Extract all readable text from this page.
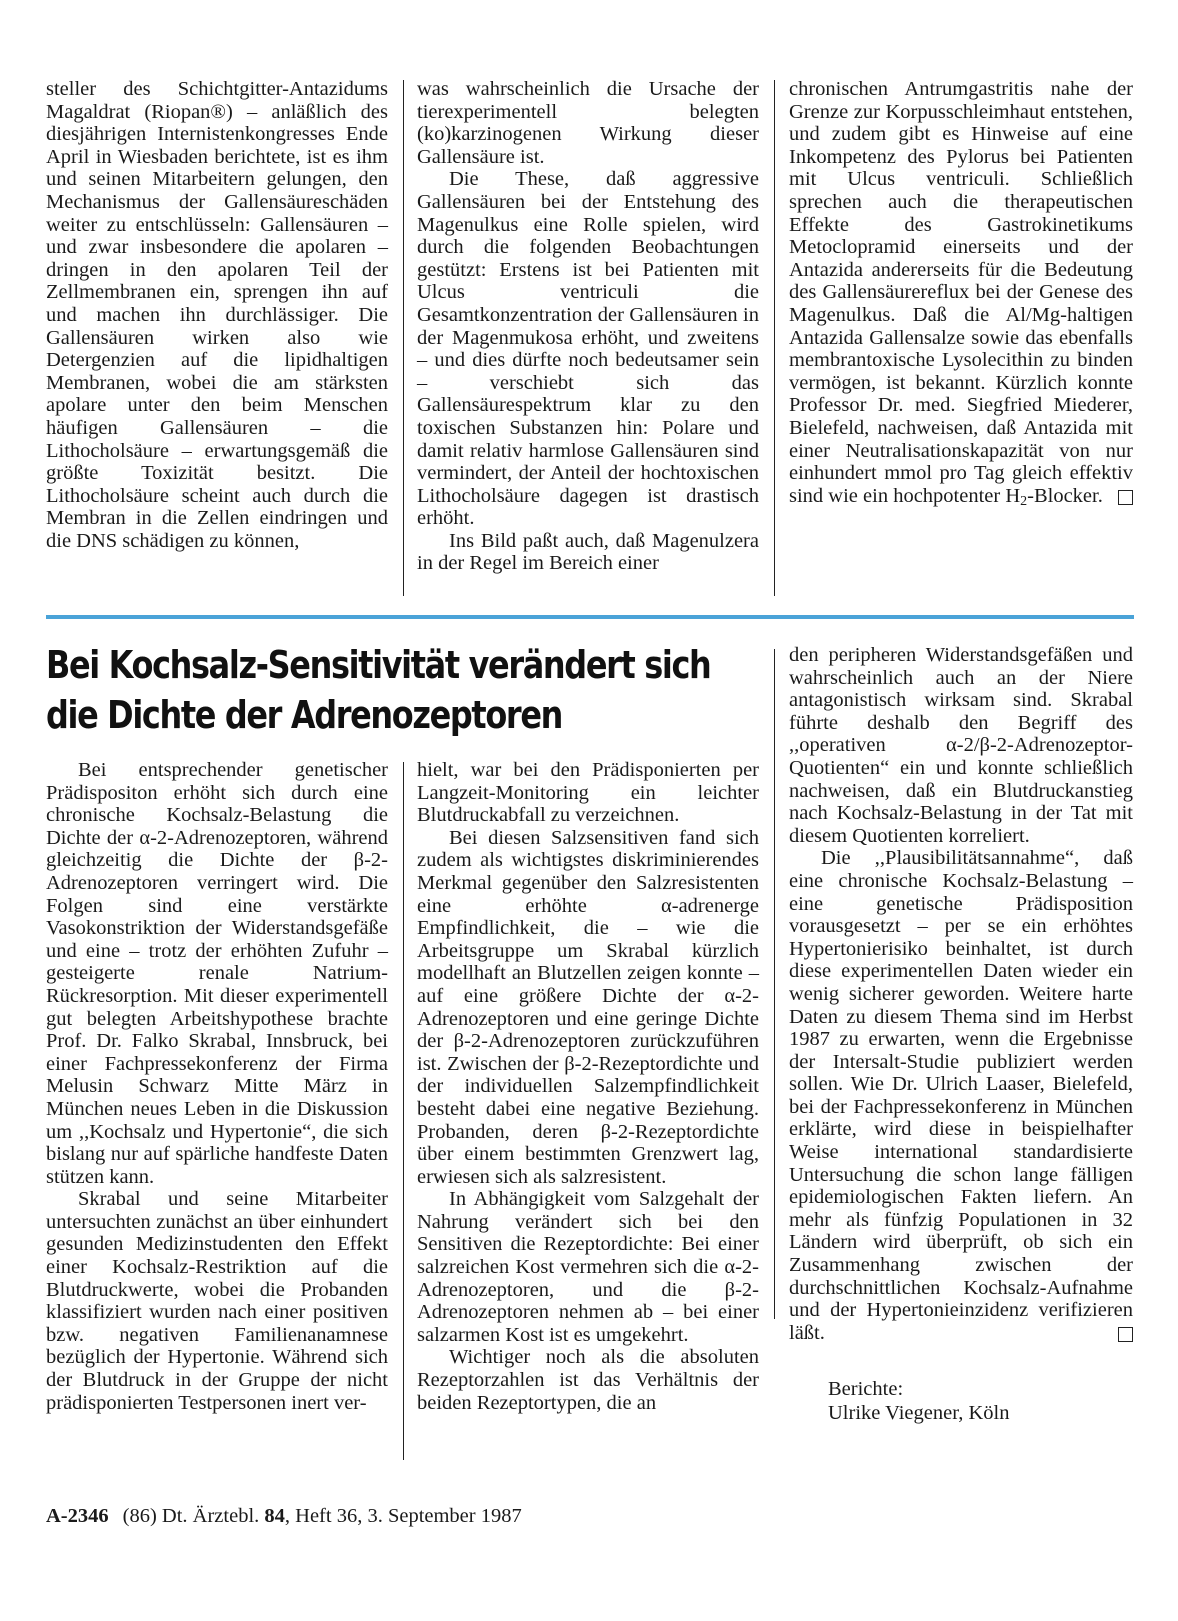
steller des Schichtgitter-Antazidums Magaldrat (Riopan®) – anläßlich des diesjährigen Internistenkongresses Ende April in Wiesbaden berichtete, ist es ihm und seinen Mitarbeitern gelungen, den Mechanismus der Gallensäureschäden weiter zu entschlüsseln: Gallensäuren – und zwar insbesondere die apolaren – dringen in den apolaren Teil der Zellmembranen ein, sprengen ihn auf und machen ihn durchlässiger. Die Gallensäuren wirken also wie Detergenzien auf die lipidhaltigen Membranen, wobei die am stärksten apolare unter den beim Menschen häufigen Gallensäuren – die Lithocholsäure – erwartungsgemäß die größte Toxizität besitzt. Die Lithocholsäure scheint auch durch die Membran in die Zellen eindringen und die DNS schädigen zu können,

was wahrscheinlich die Ursache der tierexperimentell belegten (ko)karzinogenen Wirkung dieser Gallensäure ist.

Die These, daß aggressive Gallensäuren bei der Entstehung des Magenulkus eine Rolle spielen, wird durch die folgenden Beobachtungen gestützt: Erstens ist bei Patienten mit Ulcus ventriculi die Gesamtkonzentration der Gallensäuren in der Magenmukosa erhöht, und zweitens – und dies dürfte noch bedeutsamer sein – verschiebt sich das Gallensäurespektrum klar zu den toxischen Substanzen hin: Polare und damit relativ harmlose Gallensäuren sind vermindert, der Anteil der hochtoxischen Lithocholsäure dagegen ist drastisch erhöht.

Ins Bild paßt auch, daß Magenulzera in der Regel im Bereich einer

chronischen Antrumgastritis nahe der Grenze zur Korpusschleimhaut entstehen, und zudem gibt es Hinweise auf eine Inkompetenz des Pylorus bei Patienten mit Ulcus ventriculi. Schließlich sprechen auch die therapeutischen Effekte des Gastrokinetikums Metoclopramid einerseits und der Antazida andererseits für die Bedeutung des Gallensäurereflux bei der Genese des Magenulkus. Daß die Al/Mg-haltigen Antazida Gallensalze sowie das ebenfalls membrantoxische Lysolecithin zu binden vermögen, ist bekannt. Kürzlich konnte Professor Dr. med. Siegfried Miederer, Bielefeld, nachweisen, daß Antazida mit einer Neutralisationskapazität von nur einhundert mmol pro Tag gleich effektiv sind wie ein hochpotenter $H_2$-Blocker.

Bei Kochsalz-Sensitivität verändert sich
die Dichte der Adrenozeptoren

Bei entsprechender genetischer Prädispositon erhöht sich durch eine chronische Kochsalz-Belastung die Dichte der α-2-Adrenozeptoren, während gleichzeitig die Dichte der β-2-Adrenozeptoren verringert wird. Die Folgen sind eine verstärkte Vasokonstriktion der Widerstandsgefäße und eine – trotz der erhöhten Zufuhr – gesteigerte renale Natrium-Rückresorption. Mit dieser experimentell gut belegten Arbeitshypothese brachte Prof. Dr. Falko Skrabal, Innsbruck, bei einer Fachpressekonferenz der Firma Melusin Schwarz Mitte März in München neues Leben in die Diskussion um ,,Kochsalz und Hypertonie“, die sich bislang nur auf spärliche handfeste Daten stützen kann.

Skrabal und seine Mitarbeiter untersuchten zunächst an über einhundert gesunden Medizinstudenten den Effekt einer Kochsalz-Restriktion auf die Blutdruckwerte, wobei die Probanden klassifiziert wurden nach einer positiven bzw. negativen Familienanamnese bezüglich der Hypertonie. Während sich der Blutdruck in der Gruppe der nicht prädisponierten Testpersonen inert ver-

hielt, war bei den Prädisponierten per Langzeit-Monitoring ein leichter Blutdruckabfall zu verzeichnen.

Bei diesen Salzsensitiven fand sich zudem als wichtigstes diskriminierendes Merkmal gegenüber den Salzresistenten eine erhöhte α-adrenerge Empfindlichkeit, die – wie die Arbeitsgruppe um Skrabal kürzlich modellhaft an Blutzellen zeigen konnte – auf eine größere Dichte der α-2-Adrenozeptoren und eine geringe Dichte der β-2-Adrenozeptoren zurückzuführen ist. Zwischen der β-2-Rezeptordichte und der individuellen Salzempfindlichkeit besteht dabei eine negative Beziehung. Probanden, deren β-2-Rezeptordichte über einem bestimmten Grenzwert lag, erwiesen sich als salzresistent.

In Abhängigkeit vom Salzgehalt der Nahrung verändert sich bei den Sensitiven die Rezeptordichte: Bei einer salzreichen Kost vermehren sich die α-2-Adrenozeptoren, und die β-2-Adrenozeptoren nehmen ab – bei einer salzarmen Kost ist es umgekehrt.

Wichtiger noch als die absoluten Rezeptorzahlen ist das Verhältnis der beiden Rezeptortypen, die an

den peripheren Widerstandsgefäßen und wahrscheinlich auch an der Niere antagonistisch wirksam sind. Skrabal führte deshalb den Begriff des ,,operativen α-2/β-2-Adrenozeptor-Quotienten“ ein und konnte schließlich nachweisen, daß ein Blutdruckanstieg nach Kochsalz-Belastung in der Tat mit diesem Quotienten korreliert.

Die ,,Plausibilitätsannahme“, daß eine chronische Kochsalz-Belastung – eine genetische Prädisposition vorausgesetzt – per se ein erhöhtes Hypertonierisiko beinhaltet, ist durch diese experimentellen Daten wieder ein wenig sicherer geworden. Weitere harte Daten zu diesem Thema sind im Herbst 1987 zu erwarten, wenn die Ergebnisse der Intersalt-Studie publiziert werden sollen. Wie Dr. Ulrich Laaser, Bielefeld, bei der Fachpressekonferenz in München erklärte, wird diese in beispielhafter Weise international standardisierte Untersuchung die schon lange fälligen epidemiologischen Fakten liefern. An mehr als fünfzig Populationen in 32 Ländern wird überprüft, ob sich ein Zusammenhang zwischen der durchschnittlichen Kochsalz-Aufnahme und der Hypertonieinzidenz verifizieren läßt.

Berichte:
Ulrike Viegener, Köln
A-2346 (86) Dt. Ärztebl. 84, Heft 36, 3. September 1987
